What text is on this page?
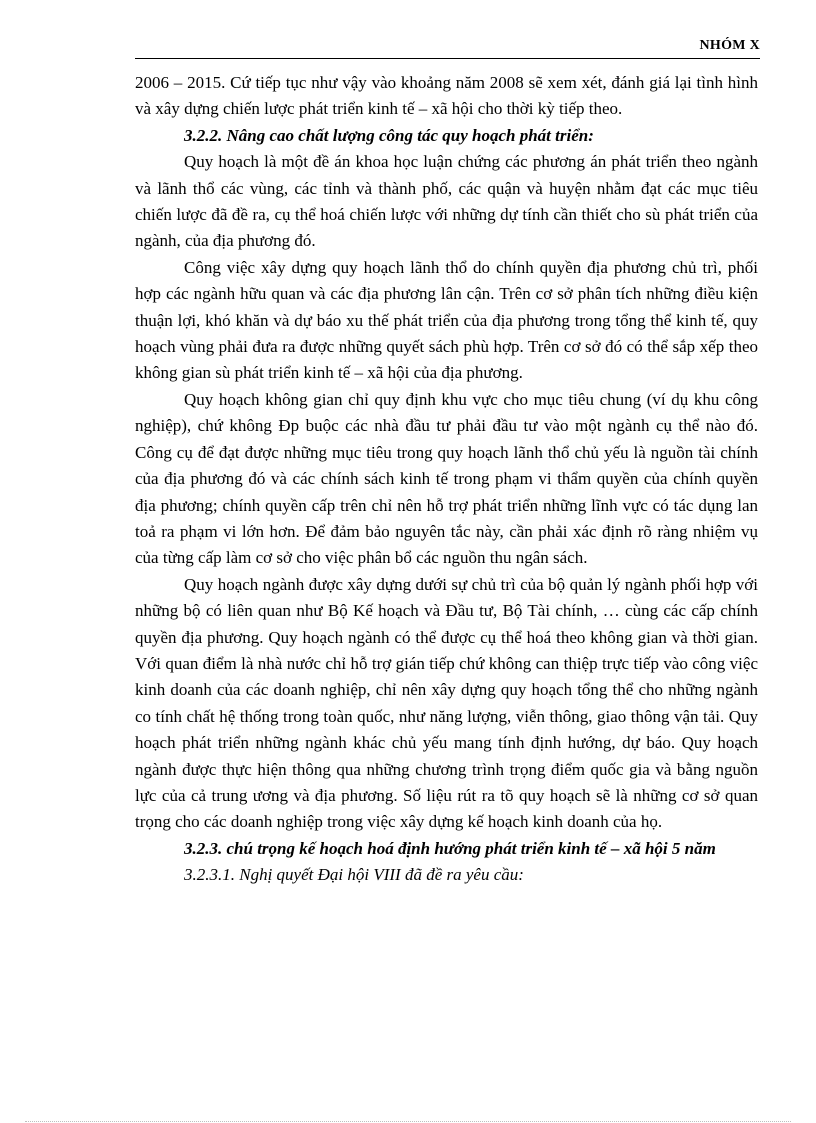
NHÓM X

2006 – 2015. Cứ tiếp tục như vậy vào khoảng năm 2008 sẽ xem xét, đánh giá lại tình hình và xây dựng chiến lược phát triển kinh tế – xã hội cho thời kỳ tiếp theo.

3.2.2. Nâng cao chất lượng công tác quy hoạch phát triển:

Quy hoạch là một đề án khoa học luận chứng các phương án phát triển theo ngành và lãnh thổ các vùng, các tỉnh và thành phố, các quận và huyện nhằm đạt các mục tiêu chiến lược đã đề ra, cụ thể hoá chiến lược với những dự tính cần thiết cho sù phát triển của ngành, của địa phương đó.

Công việc xây dựng quy hoạch lãnh thổ do chính quyền địa phương chủ trì, phối hợp các ngành hữu quan và các địa phương lân cận. Trên cơ sở phân tích những điều kiện thuận lợi, khó khăn và dự báo xu thế phát triển của địa phương trong tổng thể kinh tế, quy hoạch vùng phải đưa ra được những quyết sách phù hợp. Trên cơ sở đó có thể sắp xếp theo không gian sù phát triển kinh tế – xã hội của địa phương.

Quy hoạch không gian chỉ quy định khu vực cho mục tiêu chung (ví dụ khu công nghiệp), chứ không Ðp buộc các nhà đầu tư phải đầu tư vào một ngành cụ thể nào đó. Công cụ để đạt được những mục tiêu trong quy hoạch lãnh thổ chủ yếu là nguồn tài chính của địa phương đó và các chính sách kinh tế trong phạm vi thẩm quyền của chính quyền địa phương; chính quyền cấp trên chỉ nên hỗ trợ phát triển những lĩnh vực có tác dụng lan toả ra phạm vi lớn hơn. Để đảm bảo nguyên tắc này, cần phải xác định rõ ràng nhiệm vụ của từng cấp làm cơ sở cho việc phân bổ các nguồn thu ngân sách.

Quy hoạch ngành được xây dựng dưới sự chủ trì của bộ quản lý ngành phối hợp với những bộ có liên quan như Bộ Kế hoạch và Đầu tư, Bộ Tài chính, … cùng các cấp chính quyền địa phương. Quy hoạch ngành có thể được cụ thể hoá theo không gian và thời gian. Với quan điểm là nhà nước chỉ hỗ trợ gián tiếp chứ không can thiệp trực tiếp vào công việc kinh doanh của các doanh nghiệp, chỉ nên xây dựng quy hoạch tổng thể cho những ngành co tính chất hệ thống trong toàn quốc, như năng lượng, viễn thông, giao thông vận tải. Quy hoạch phát triển những ngành khác chủ yếu mang tính định hướng, dự báo. Quy hoạch ngành được thực hiện thông qua những chương trình trọng điểm quốc gia và bằng nguồn lực của cả trung ương và địa phương. Số liệu rút ra tõ quy hoạch sẽ là những cơ sở quan trọng cho các doanh nghiệp trong việc xây dựng kế hoạch kinh doanh của họ.

3.2.3. chú trọng kế hoạch hoá định hướng phát triển kinh tế – xã hội 5 năm

3.2.3.1. Nghị quyết Đại hội VIII đã đề ra yêu cầu:
